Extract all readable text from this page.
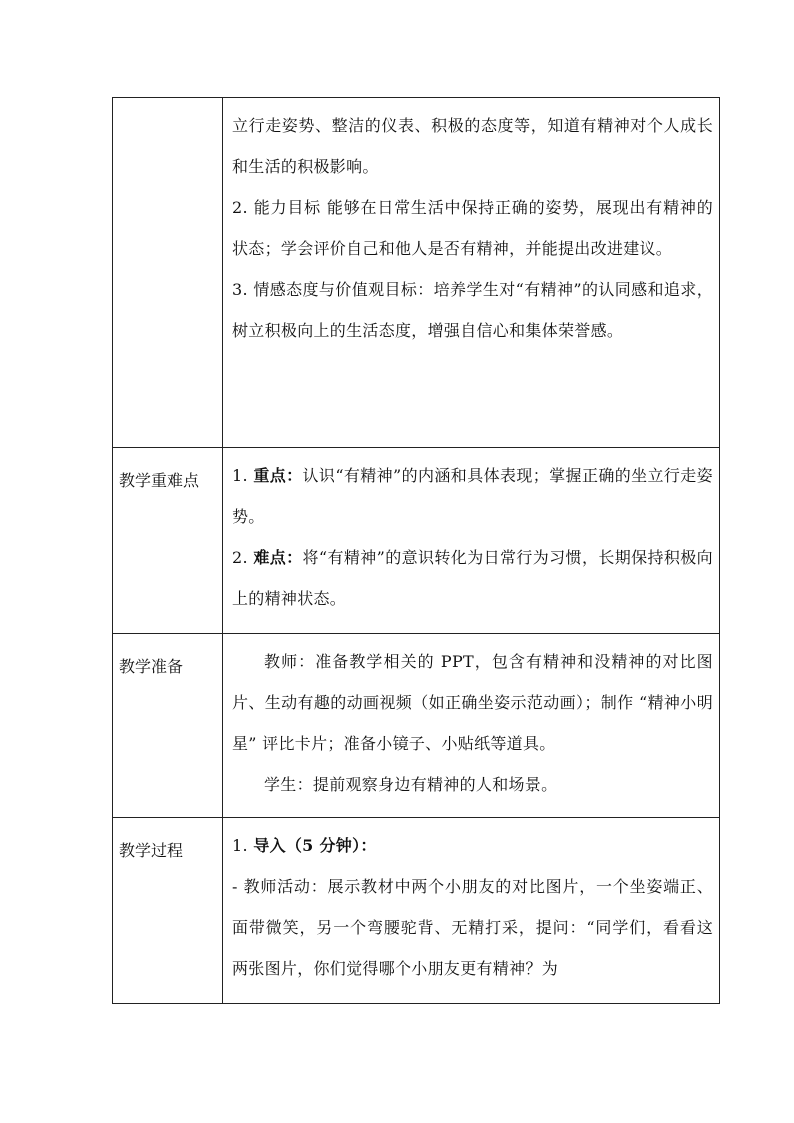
	立行走姿势、整洁的仪表、积极的态度等，知道有精神对个人成长和生活的积极影响。

2. 能力目标 能够在日常生活中保持正确的姿势，展现出有精神的状态；学会评价自己和他人是否有精神，并能提出改进建议。

3. 情感态度与价值观目标：培养学生对“有精神”的认同感和追求，树立积极向上的生活态度，增强自信心和集体荣誉感。

教学重难点	1. 重点：认识“有精神”的内涵和具体表现；掌握正确的坐立行走姿势。

2. 难点：将“有精神”的意识转化为日常行为习惯，长期保持积极向上的精神状态。

教学准备	教师：准备教学相关的 PPT，包含有精神和没精神的对比图片、生动有趣的动画视频（如正确坐姿示范动画）；制作 “精神小明星” 评比卡片；准备小镜子、小贴纸等道具。

学生：提前观察身边有精神的人和场景。

教学过程	1. 导入（5 分钟）：

- 教师活动：展示教材中两个小朋友的对比图片，一个坐姿端正、面带微笑，另一个弯腰驼背、无精打采，提问：“同学们，看看这两张图片，你们觉得哪个小朋友更有精神？为
